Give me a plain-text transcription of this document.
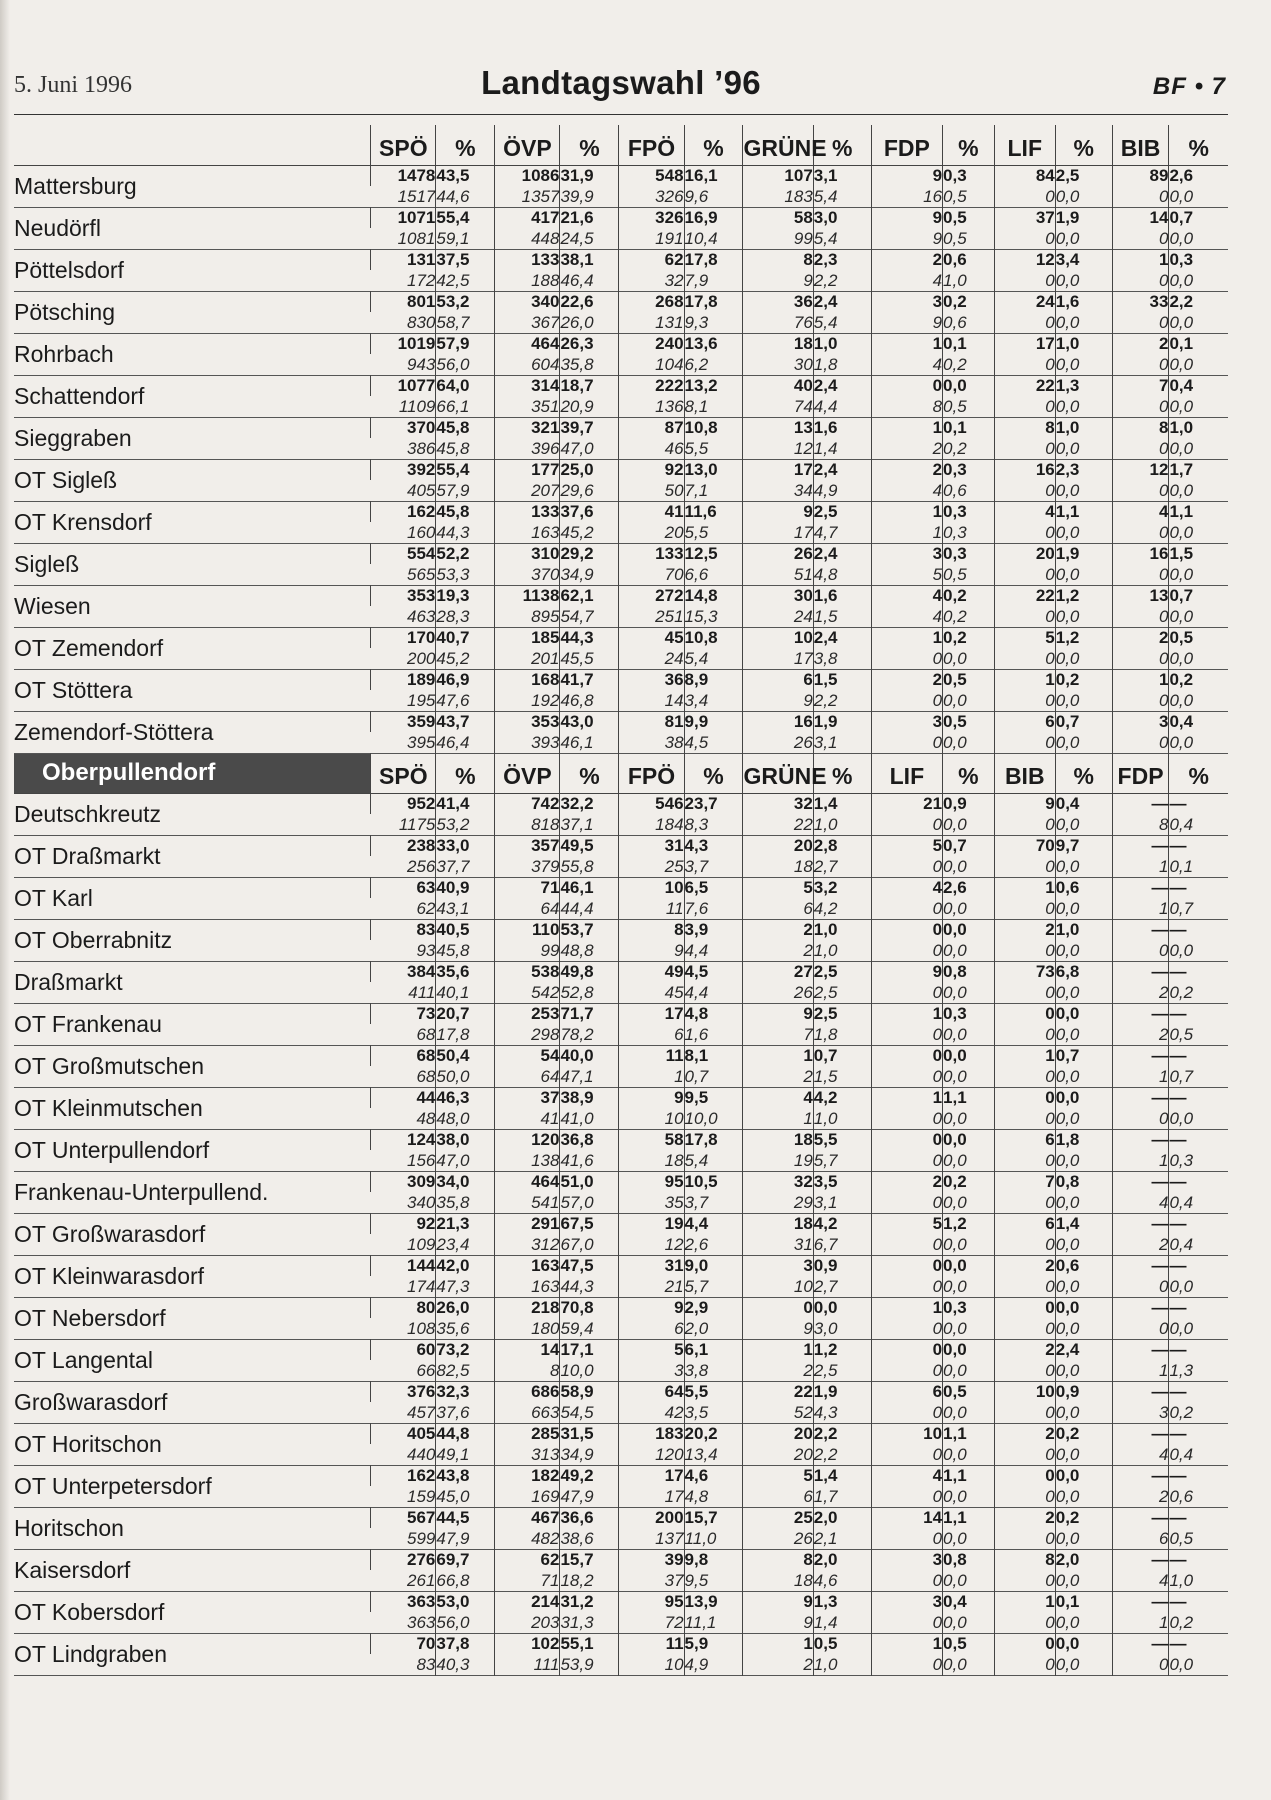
5. Juni 1996	Landtagswahl ’96	BF • 7
	SPÖ	%	ÖVP	%	FPÖ	%	GRÜNE	%	FDP	%	LIF	%	BIB	%
Mattersburg	1478	43,5	1086	31,9	548	16,1	107	3,1	9	0,3	84	2,5	89	2,6
	1517	44,6	1357	39,9	326	9,6	183	5,4	16	0,5	0	0,0	0	0,0
Neudörfl	1071	55,4	417	21,6	326	16,9	58	3,0	9	0,5	37	1,9	14	0,7
	1081	59,1	448	24,5	191	10,4	99	5,4	9	0,5	0	0,0	0	0,0
Pöttelsdorf	131	37,5	133	38,1	62	17,8	8	2,3	2	0,6	12	3,4	1	0,3
	172	42,5	188	46,4	32	7,9	9	2,2	4	1,0	0	0,0	0	0,0
Pötsching	801	53,2	340	22,6	268	17,8	36	2,4	3	0,2	24	1,6	33	2,2
	830	58,7	367	26,0	131	9,3	76	5,4	9	0,6	0	0,0	0	0,0
Rohrbach	1019	57,9	464	26,3	240	13,6	18	1,0	1	0,1	17	1,0	2	0,1
	943	56,0	604	35,8	104	6,2	30	1,8	4	0,2	0	0,0	0	0,0
Schattendorf	1077	64,0	314	18,7	222	13,2	40	2,4	0	0,0	22	1,3	7	0,4
	1109	66,1	351	20,9	136	8,1	74	4,4	8	0,5	0	0,0	0	0,0
Sieggraben	370	45,8	321	39,7	87	10,8	13	1,6	1	0,1	8	1,0	8	1,0
	386	45,8	396	47,0	46	5,5	12	1,4	2	0,2	0	0,0	0	0,0
OT Sigleß	392	55,4	177	25,0	92	13,0	17	2,4	2	0,3	16	2,3	12	1,7
	405	57,9	207	29,6	50	7,1	34	4,9	4	0,6	0	0,0	0	0,0
OT Krensdorf	162	45,8	133	37,6	41	11,6	9	2,5	1	0,3	4	1,1	4	1,1
	160	44,3	163	45,2	20	5,5	17	4,7	1	0,3	0	0,0	0	0,0
Sigleß	554	52,2	310	29,2	133	12,5	26	2,4	3	0,3	20	1,9	16	1,5
	565	53,3	370	34,9	70	6,6	51	4,8	5	0,5	0	0,0	0	0,0
Wiesen	353	19,3	1138	62,1	272	14,8	30	1,6	4	0,2	22	1,2	13	0,7
	463	28,3	895	54,7	251	15,3	24	1,5	4	0,2	0	0,0	0	0,0
OT Zemendorf	170	40,7	185	44,3	45	10,8	10	2,4	1	0,2	5	1,2	2	0,5
	200	45,2	201	45,5	24	5,4	17	3,8	0	0,0	0	0,0	0	0,0
OT Stöttera	189	46,9	168	41,7	36	8,9	6	1,5	2	0,5	1	0,2	1	0,2
	195	47,6	192	46,8	14	3,4	9	2,2	0	0,0	0	0,0	0	0,0
Zemendorf-Stöttera	359	43,7	353	43,0	81	9,9	16	1,9	3	0,5	6	0,7	3	0,4
	395	46,4	393	46,1	38	4,5	26	3,1	0	0,0	0	0,0	0	0,0
Oberpullendorf	SPÖ	%	ÖVP	%	FPÖ	%	GRÜNE	%	LIF	%	BIB	%	FDP	%
Deutschkreutz	952	41,4	742	32,2	546	23,7	32	1,4	21	0,9	9	0,4	—	—
	1175	53,2	818	37,1	184	8,3	22	1,0	0	0,0	0	0,0	8	0,4
OT Draßmarkt	238	33,0	357	49,5	31	4,3	20	2,8	5	0,7	70	9,7	—	—
	256	37,7	379	55,8	25	3,7	18	2,7	0	0,0	0	0,0	1	0,1
OT Karl	63	40,9	71	46,1	10	6,5	5	3,2	4	2,6	1	0,6	—	—
	62	43,1	64	44,4	11	7,6	6	4,2	0	0,0	0	0,0	1	0,7
OT Oberrabnitz	83	40,5	110	53,7	8	3,9	2	1,0	0	0,0	2	1,0	—	—
	93	45,8	99	48,8	9	4,4	2	1,0	0	0,0	0	0,0	0	0,0
Draßmarkt	384	35,6	538	49,8	49	4,5	27	2,5	9	0,8	73	6,8	—	—
	411	40,1	542	52,8	45	4,4	26	2,5	0	0,0	0	0,0	2	0,2
OT Frankenau	73	20,7	253	71,7	17	4,8	9	2,5	1	0,3	0	0,0	—	—
	68	17,8	298	78,2	6	1,6	7	1,8	0	0,0	0	0,0	2	0,5
OT Großmutschen	68	50,4	54	40,0	11	8,1	1	0,7	0	0,0	1	0,7	—	—
	68	50,0	64	47,1	1	0,7	2	1,5	0	0,0	0	0,0	1	0,7
OT Kleinmutschen	44	46,3	37	38,9	9	9,5	4	4,2	1	1,1	0	0,0	—	—
	48	48,0	41	41,0	10	10,0	1	1,0	0	0,0	0	0,0	0	0,0
OT Unterpullendorf	124	38,0	120	36,8	58	17,8	18	5,5	0	0,0	6	1,8	—	—
	156	47,0	138	41,6	18	5,4	19	5,7	0	0,0	0	0,0	1	0,3
Frankenau-Unterpullend.	309	34,0	464	51,0	95	10,5	32	3,5	2	0,2	7	0,8	—	—
	340	35,8	541	57,0	35	3,7	29	3,1	0	0,0	0	0,0	4	0,4
OT Großwarasdorf	92	21,3	291	67,5	19	4,4	18	4,2	5	1,2	6	1,4	—	—
	109	23,4	312	67,0	12	2,6	31	6,7	0	0,0	0	0,0	2	0,4
OT Kleinwarasdorf	144	42,0	163	47,5	31	9,0	3	0,9	0	0,0	2	0,6	—	—
	174	47,3	163	44,3	21	5,7	10	2,7	0	0,0	0	0,0	0	0,0
OT Nebersdorf	80	26,0	218	70,8	9	2,9	0	0,0	1	0,3	0	0,0	—	—
	108	35,6	180	59,4	6	2,0	9	3,0	0	0,0	0	0,0	0	0,0
OT Langental	60	73,2	14	17,1	5	6,1	1	1,2	0	0,0	2	2,4	—	—
	66	82,5	8	10,0	3	3,8	2	2,5	0	0,0	0	0,0	1	1,3
Großwarasdorf	376	32,3	686	58,9	64	5,5	22	1,9	6	0,5	10	0,9	—	—
	457	37,6	663	54,5	42	3,5	52	4,3	0	0,0	0	0,0	3	0,2
OT Horitschon	405	44,8	285	31,5	183	20,2	20	2,2	10	1,1	2	0,2	—	—
	440	49,1	313	34,9	120	13,4	20	2,2	0	0,0	0	0,0	4	0,4
OT Unterpetersdorf	162	43,8	182	49,2	17	4,6	5	1,4	4	1,1	0	0,0	—	—
	159	45,0	169	47,9	17	4,8	6	1,7	0	0,0	0	0,0	2	0,6
Horitschon	567	44,5	467	36,6	200	15,7	25	2,0	14	1,1	2	0,2	—	—
	599	47,9	482	38,6	137	11,0	26	2,1	0	0,0	0	0,0	6	0,5
Kaisersdorf	276	69,7	62	15,7	39	9,8	8	2,0	3	0,8	8	2,0	—	—
	261	66,8	71	18,2	37	9,5	18	4,6	0	0,0	0	0,0	4	1,0
OT Kobersdorf	363	53,0	214	31,2	95	13,9	9	1,3	3	0,4	1	0,1	—	—
	363	56,0	203	31,3	72	11,1	9	1,4	0	0,0	0	0,0	1	0,2
OT Lindgraben	70	37,8	102	55,1	11	5,9	1	0,5	1	0,5	0	0,0	—	—
	83	40,3	111	53,9	10	4,9	2	1,0	0	0,0	0	0,0	0	0,0
